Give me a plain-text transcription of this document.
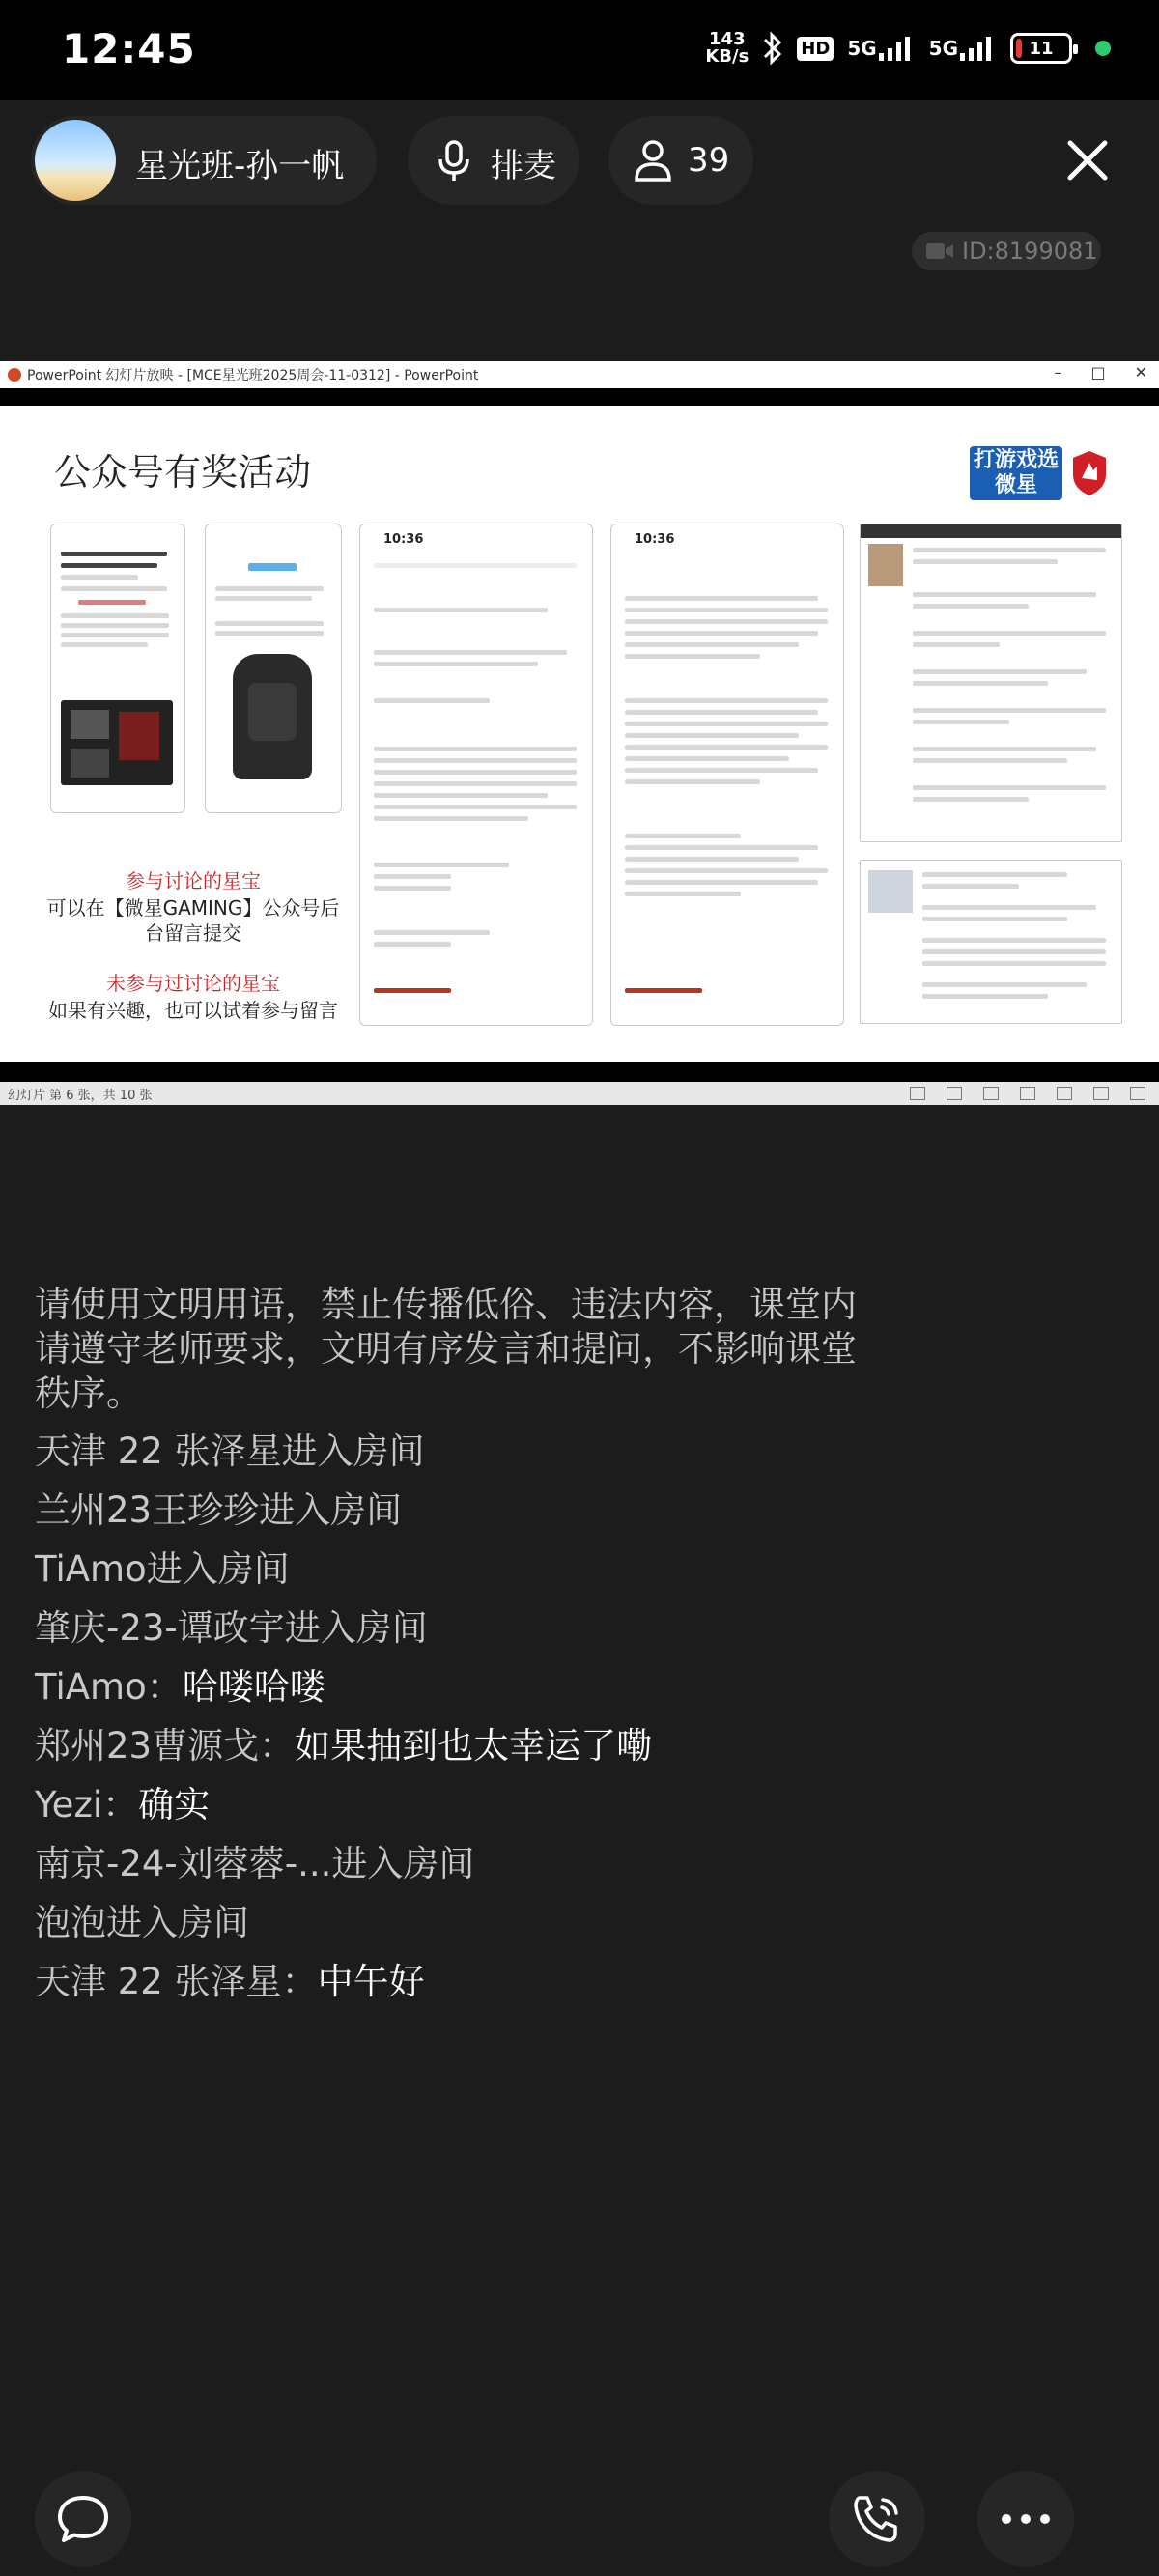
12:45	143
KB/s	HD 5G	5G	11
星光班-孙一帆	排麦	39
ID:8199081
PowerPoint 幻灯片放映 - [MCE星光班2025周会-11-0312] - PowerPoint	– □ ✕
公众号有奖活动	打游戏选微星
10:36	10:36
参与讨论的星宝
可以在【微星GAMING】公众号后
台留言提交
未参与过讨论的星宝
如果有兴趣，也可以试着参与留言
幻灯片 第 6 张，共 10 张
请使用文明用语，禁止传播低俗、违法内容，课堂内请遵守老师要求，文明有序发言和提问，不影响课堂秩序。
天津 22 张泽星进入房间
兰州23王珍珍进入房间
TiAmo进入房间
肇庆-23-谭政宇进入房间
TiAmo：哈喽哈喽
郑州23曹源戈：如果抽到也太幸运了嘞
Yezi：确实
南京-24-刘蓉蓉-...进入房间
泡泡进入房间
天津 22 张泽星：中午好
